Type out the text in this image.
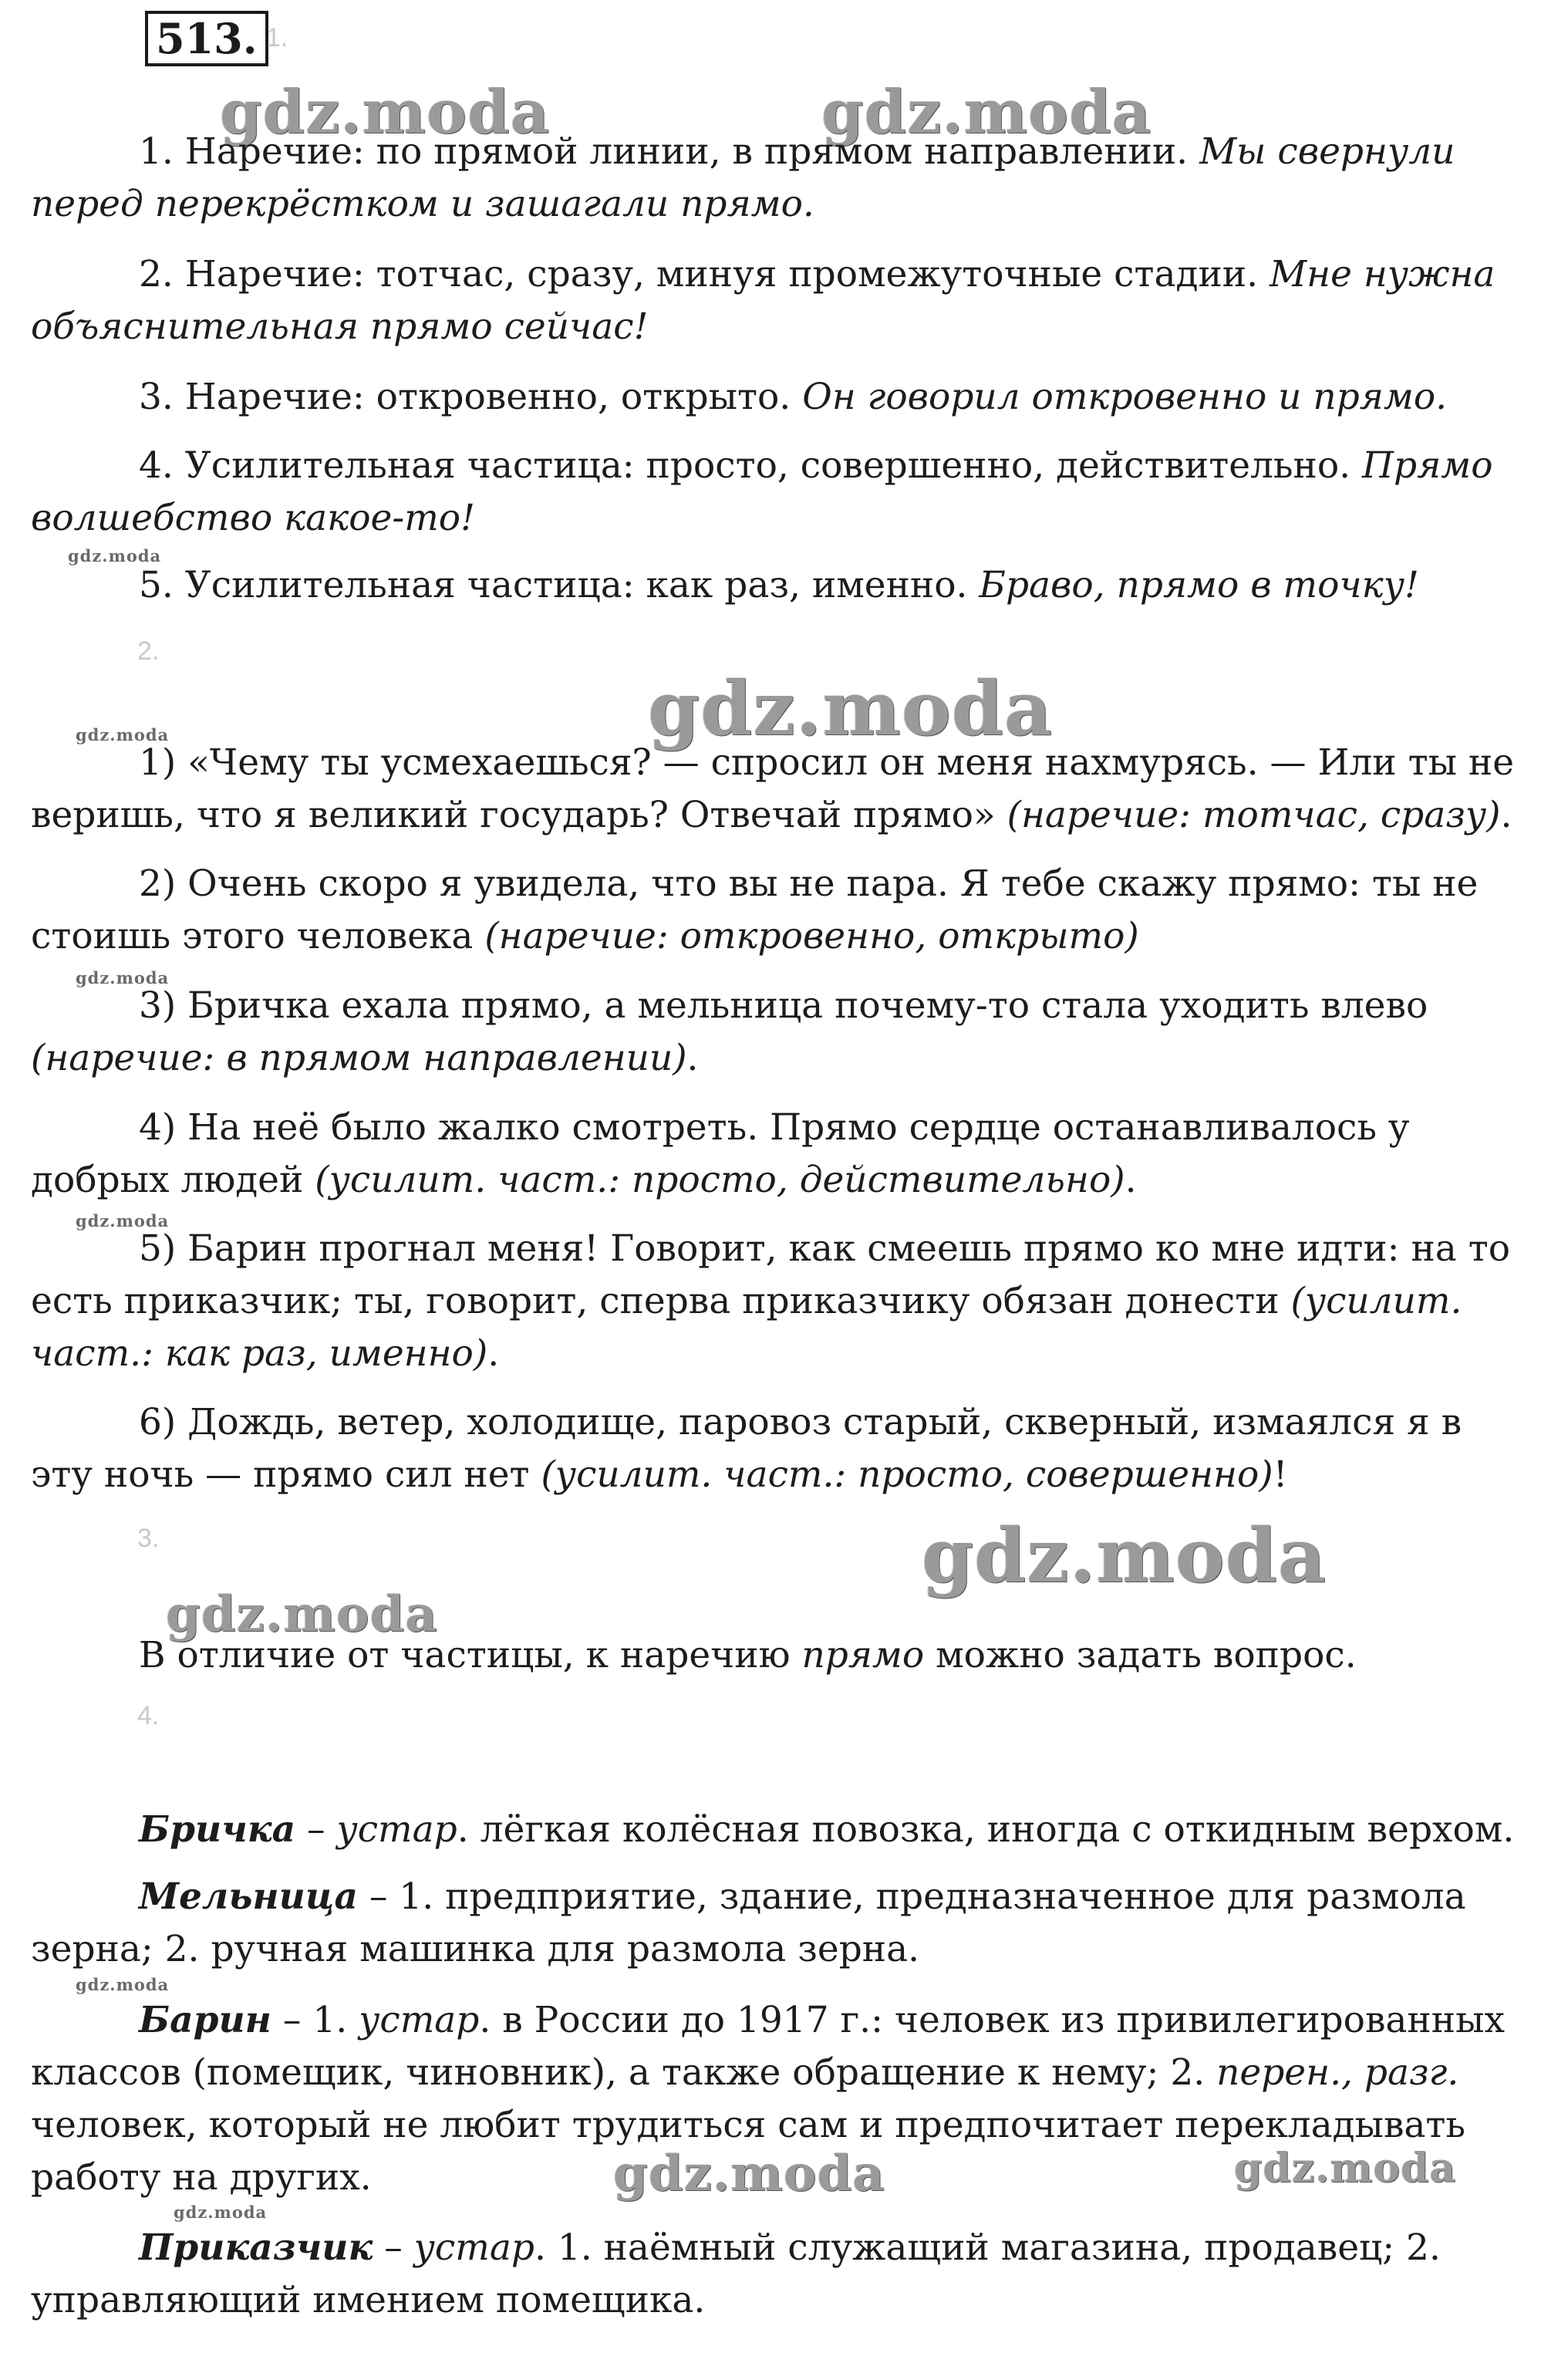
513. 1.
gdz.moda	gdz.moda
gdz.moda
gdz.moda
gdz.moda
gdz.moda
gdz.moda
gdz.moda
gdz.moda
gdz.moda
gdz.moda	gdz.moda
gdz.moda

1. Наречие: по прямой линии, в прямом направлении. Мы свернули перед перекрёстком и зашагали прямо.

2. Наречие: тотчас, сразу, минуя промежуточные стадии. Мне нужна объяснительная прямо сейчас!

3. Наречие: откровенно, открыто. Он говорил откровенно и прямо.

4. Усилительная частица: просто, совершенно, действительно. Прямо волшебство какое-то!

5. Усилительная частица: как раз, именно. Браво, прямо в точку!

2.

1) «Чему ты усмехаешься? — спросил он меня нахмурясь. — Или ты не веришь, что я великий государь? Отвечай прямо» (наречие: тотчас, сразу).

2) Очень скоро я увидела, что вы не пара. Я тебе скажу прямо: ты не стоишь этого человека (наречие: откровенно, открыто)

3) Бричка ехала прямо, а мельница почему-то стала уходить влево (наречие: в прямом направлении).

4) На неё было жалко смотреть. Прямо сердце останавливалось у добрых людей (усилит. част.: просто, действительно).

5) Барин прогнал меня! Говорит, как смеешь прямо ко мне идти: на то есть приказчик; ты, говорит, сперва приказчику обязан донести (усилит. част.: как раз, именно).

6) Дождь, ветер, холодище, паровоз старый, скверный, измаялся я в эту ночь — прямо сил нет (усилит. част.: просто, совершенно)!

3.

В отличие от частицы, к наречию прямо можно задать вопрос.

4.

Бричка – устар. лёгкая колёсная повозка, иногда с откидным верхом.

Мельница – 1. предприятие, здание, предназначенное для размола зерна; 2. ручная машинка для размола зерна.

Барин – 1. устар. в России до 1917 г.: человек из привилегированных классов (помещик, чиновник), а также обращение к нему; 2. перен., разг. человек, который не любит трудиться сам и предпочитает перекладывать работу на других.

Приказчик – устар. 1. наёмный служащий магазина, продавец; 2. управляющий имением помещика.
